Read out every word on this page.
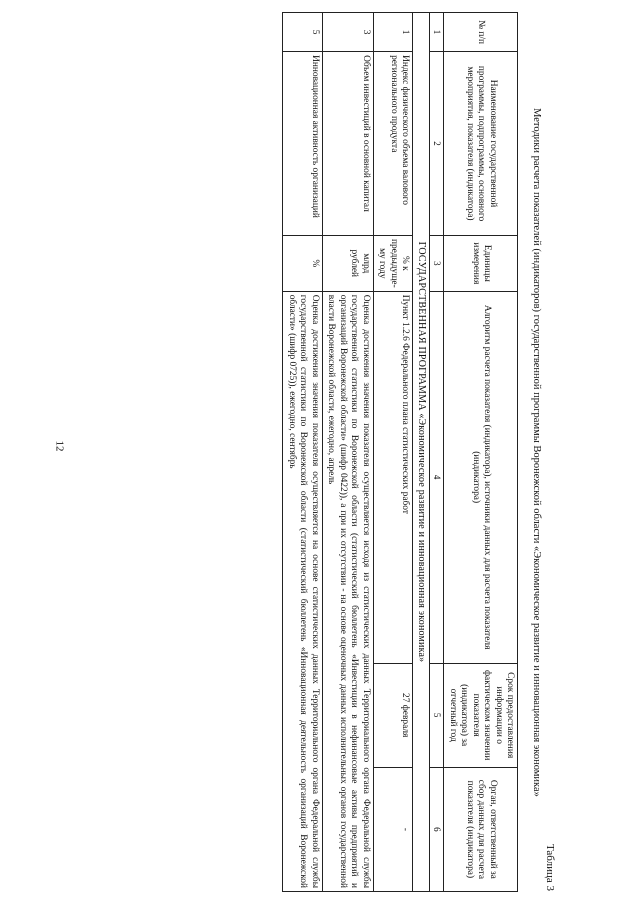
12
Таблица 3
Методики расчета показателей (индикаторов) государственной программы Воронежской области «Экономическое развитие и инновационная экономика»
№ п/п	Наименование государственной программы, подпрограммы, основного мероприятия, показателя (индикатора)	Единицы измерения	Алгоритм расчета показателя (индикатора), источники данных для расчета показателя (индикатора)	Срок предоставления информации о фактическом значении показателя (индикатора) за отчетный год	Орган, ответственный за сбор данных для расчета показателя (индикатора)
1	2	3	4	5	6
ГОСУДАРСТВЕННАЯ ПРОГРАММА «Экономическое развитие и инновационная экономика»					
1	Индекс физического объема валового регионального продукта	% к предыдуще-му году	Пункт 1.2.6 Федерального плана статистических работ	27 февраля	-
3	Объем инвестиций в основной капитал	млрд рублей	Оценка достижения значения показателя осуществляется исходя из статистических данных Территориального органа Федеральной службы государственной статистики по Воронежской области (статистический бюллетень «Инвестиции в нефинансовые активы предприятий и организаций Воронежской области» (шифр 0422)), а при их отсутствии - на основе оценочных данных исполнительных органов государственной власти Воронежской области, ежегодно, апрель		
5	Инновационная активность организаций	%	Оценка достижения значения показателя осуществляется на основе статистических данных Территориального органа Федеральной службы государственной статистики по Воронежской области (статистический бюллетень «Инновационная деятельность организаций Воронежской области» (шифр 0725)), ежегодно, сентябрь		
